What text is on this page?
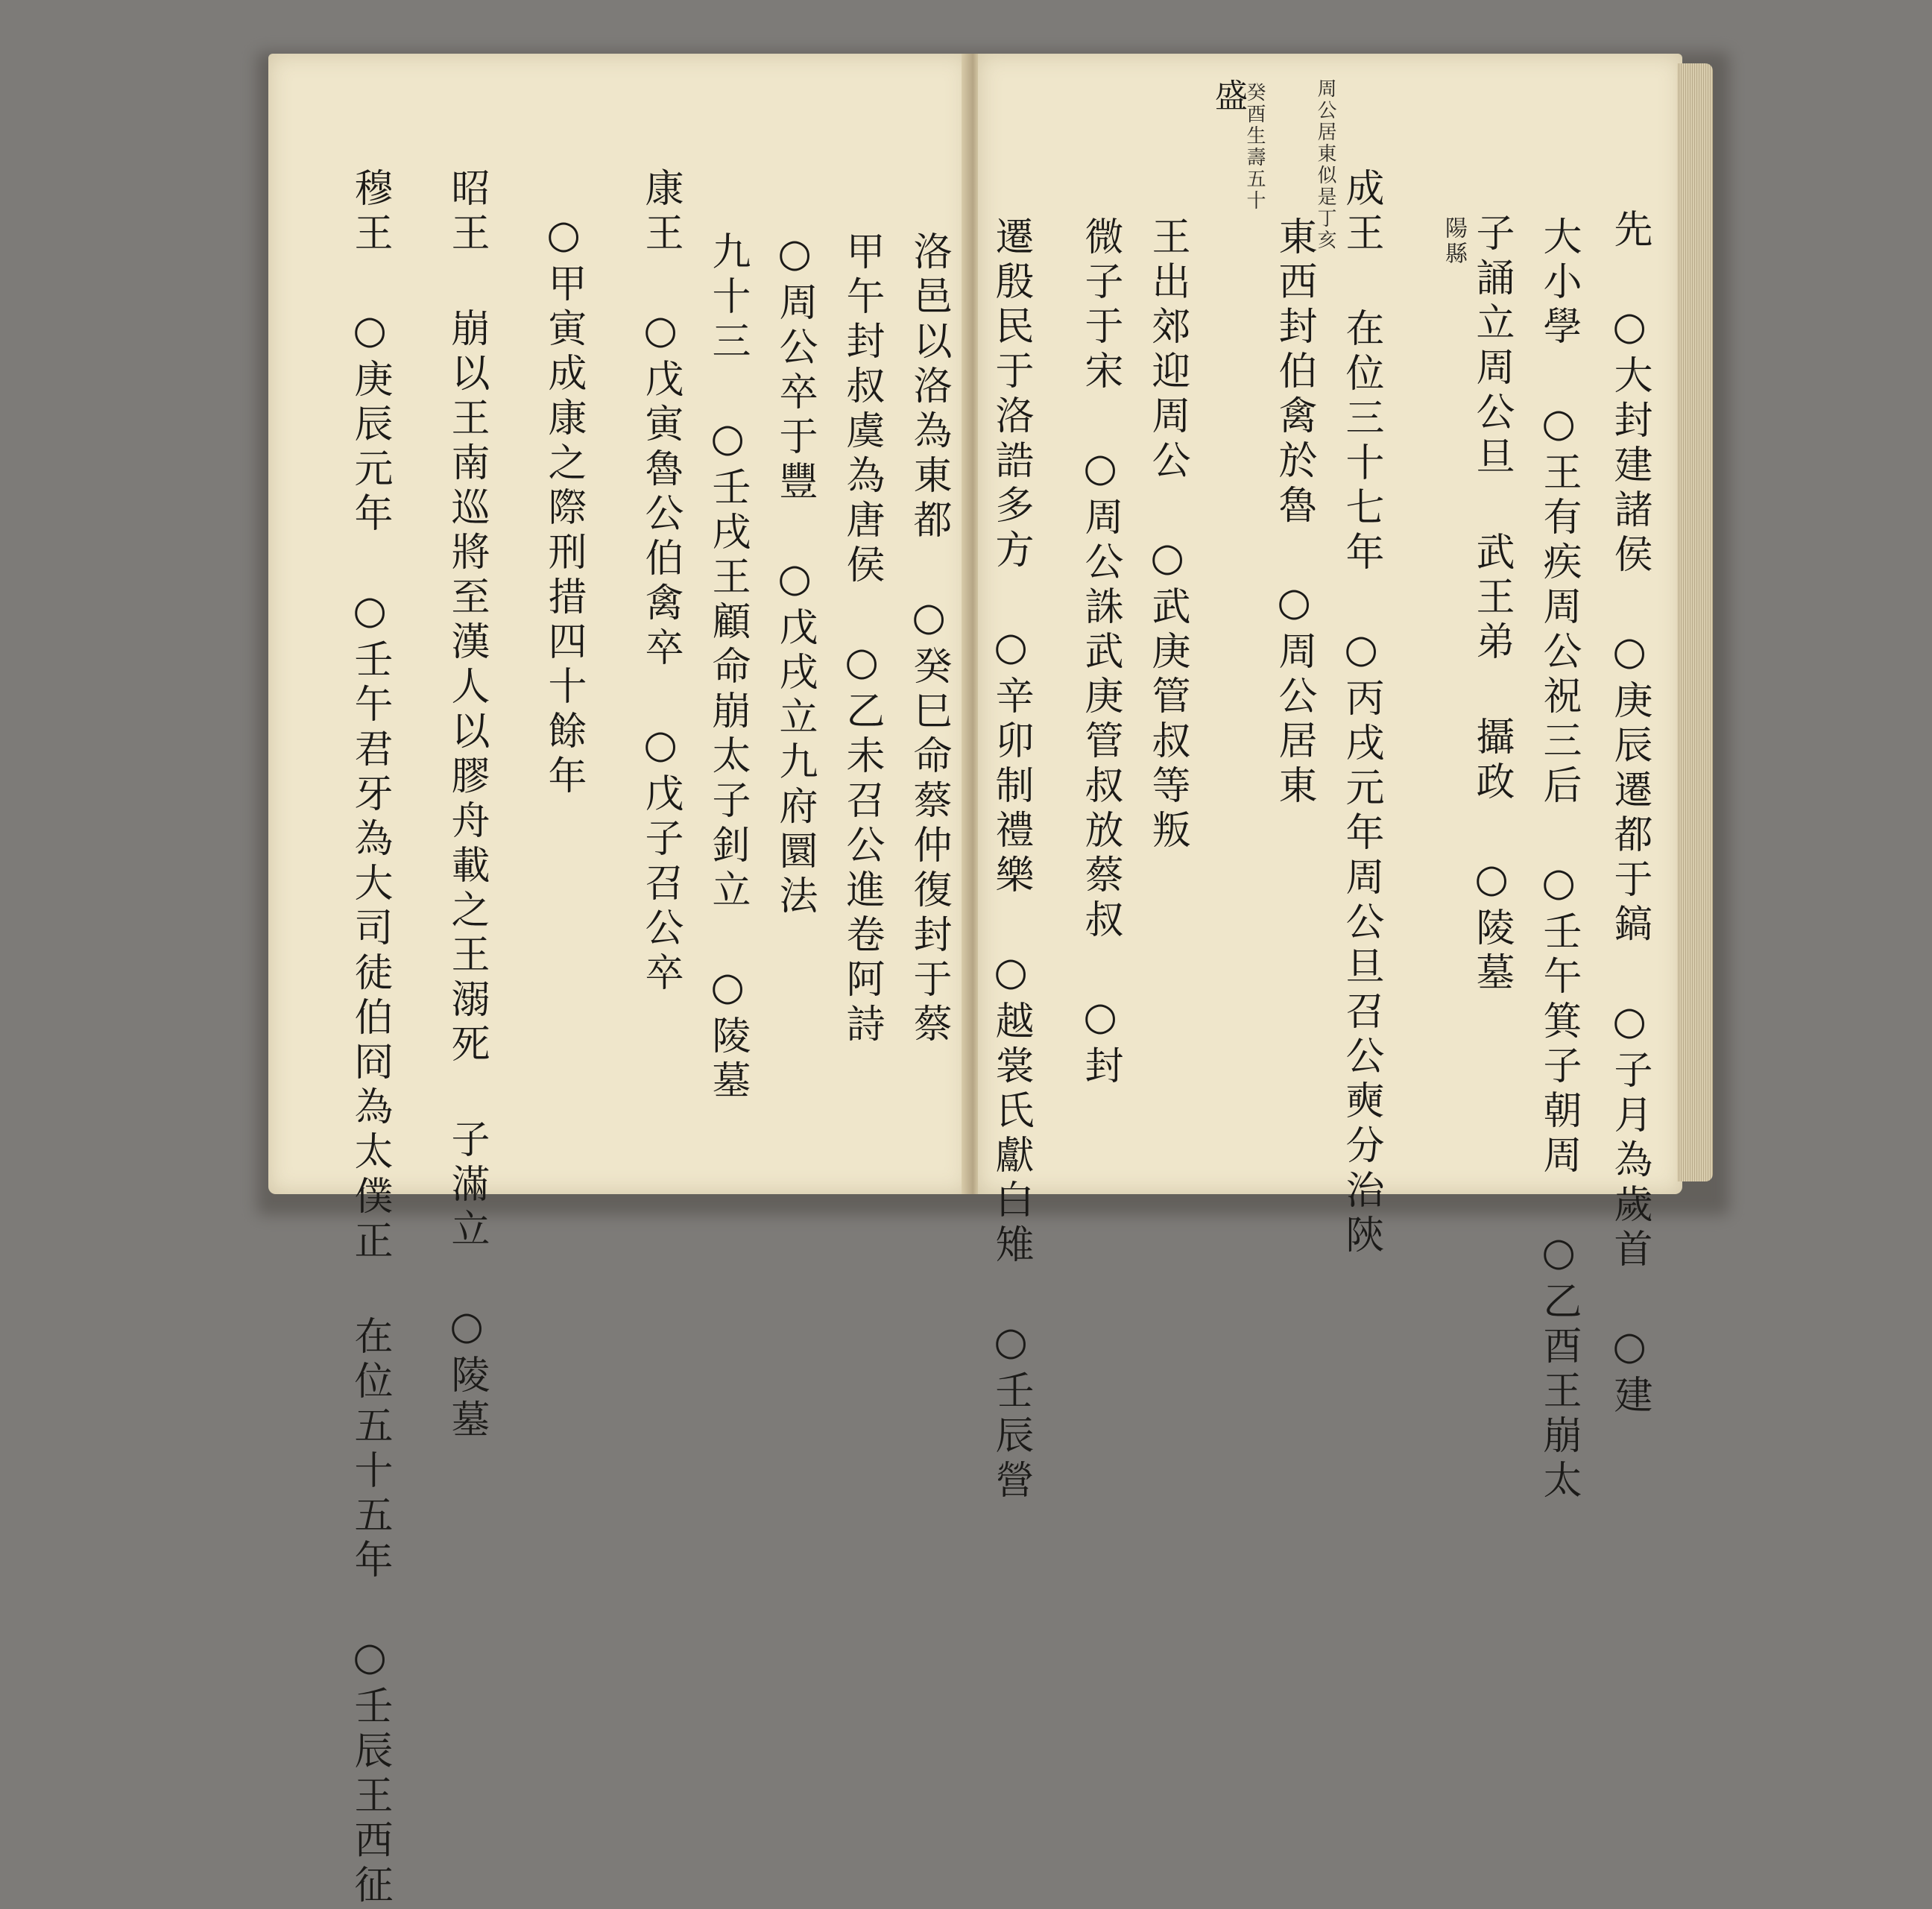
先 ○大封建諸侯 ○庚辰遷都于鎬 ○子月為歲首 ○建
大小學 ○王有疾周公祝三后 ○壬午箕子朝周 ○乙酉王崩太
子誦立周公旦 武王弟 攝政 ○陵墓
陽縣
成王 在位三十七年 ○丙戌元年周公旦召公奭分治陝
東西封伯禽於魯 ○周公居東
王出郊迎周公 ○武庚管叔等叛
微子于宋 ○周公誅武庚管叔放蔡叔 ○封
遷殷民于洛誥多方 ○辛卯制禮樂 ○越裳氏獻白雉 ○壬辰營
周公居東似是丁亥
癸酉生壽五十
盛
洛邑以洛為東都 ○癸巳命蔡仲復封于蔡
甲午封叔虞為唐侯 ○乙未召公進卷阿詩
○周公卒于豐 ○戊戌立九府圜法
九十三 ○壬戌王顧命崩太子釗立 ○陵墓
康王 ○戊寅魯公伯禽卒 ○戊子召公卒
○甲寅成康之際刑措四十餘年
昭王 崩以王南巡將至漢人以膠舟載之王溺死 子滿立 ○陵墓
穆王 ○庚辰元年 ○壬午君牙為大司徒伯冏為太僕正 在位五十五年 ○壬辰王西征
